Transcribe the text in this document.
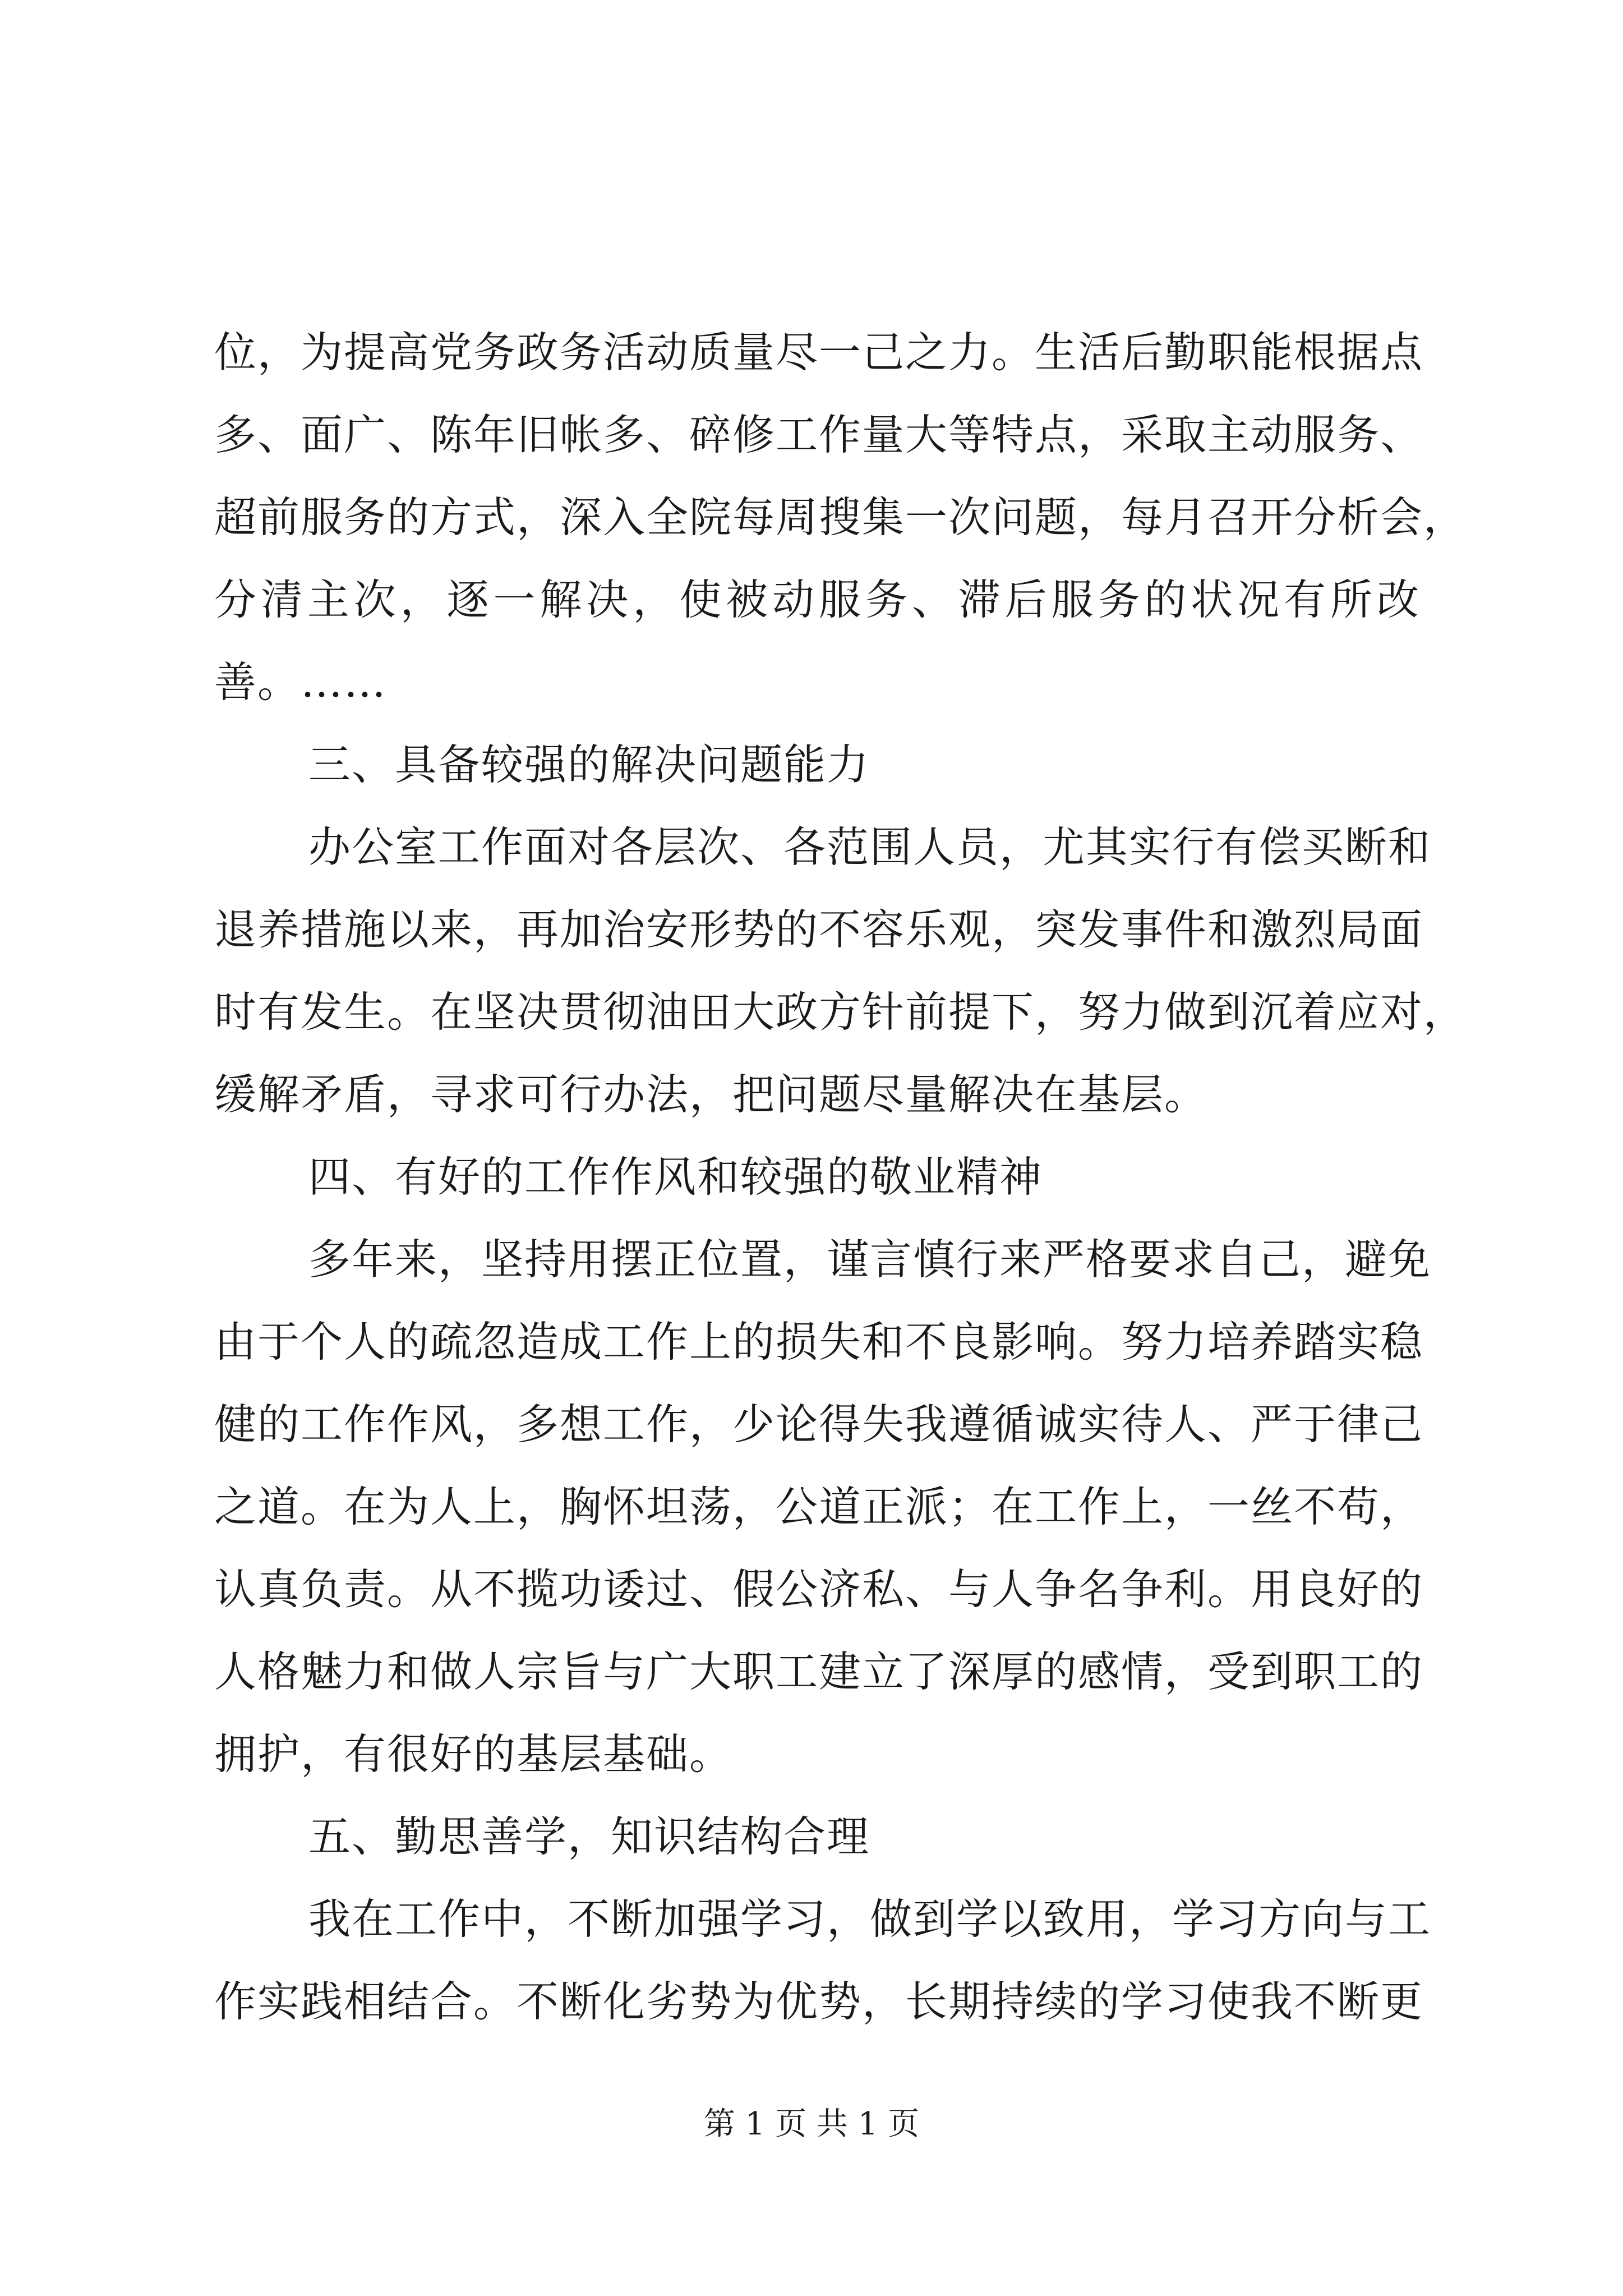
位，为提高党务政务活动质量尽一己之力。生活后勤职能根据点
多、面广、陈年旧帐多、碎修工作量大等特点，采取主动服务、
超前服务的方式，深入全院每周搜集一次问题，每月召开分析会，
分清主次，逐一解决，使被动服务、滞后服务的状况有所改
善。……
三、具备较强的解决问题能力
办公室工作面对各层次、各范围人员，尤其实行有偿买断和
退养措施以来，再加治安形势的不容乐观，突发事件和激烈局面
时有发生。在坚决贯彻油田大政方针前提下，努力做到沉着应对，
缓解矛盾，寻求可行办法，把问题尽量解决在基层。
四、有好的工作作风和较强的敬业精神
多年来，坚持用摆正位置，谨言慎行来严格要求自己，避免
由于个人的疏忽造成工作上的损失和不良影响。努力培养踏实稳
健的工作作风，多想工作，少论得失我遵循诚实待人、严于律己
之道。在为人上，胸怀坦荡，公道正派；在工作上，一丝不苟，
认真负责。从不揽功诿过、假公济私、与人争名争利。用良好的
人格魅力和做人宗旨与广大职工建立了深厚的感情，受到职工的
拥护，有很好的基层基础。
五、勤思善学，知识结构合理
我在工作中，不断加强学习，做到学以致用，学习方向与工
作实践相结合。不断化劣势为优势，长期持续的学习使我不断更
第 1 页 共 1 页
